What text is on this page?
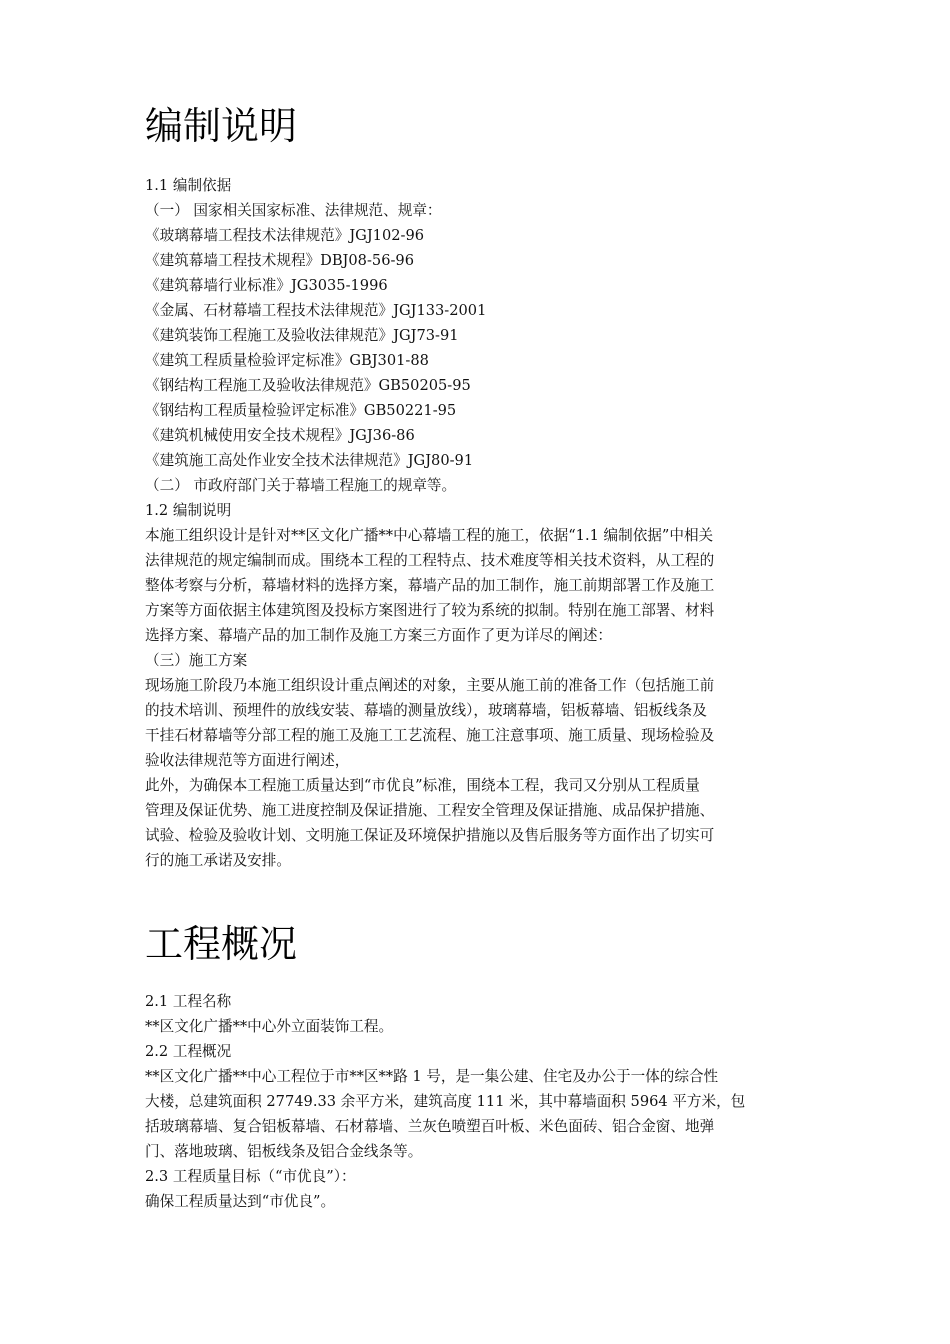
编制说明

1.1 编制依据

（一） 国家相关国家标准、法律规范、规章：

《玻璃幕墙工程技术法律规范》JGJ102-96

《建筑幕墙工程技术规程》DBJ08-56-96

《建筑幕墙行业标准》JG3035-1996

《金属、石材幕墙工程技术法律规范》JGJ133-2001

《建筑装饰工程施工及验收法律规范》JGJ73-91

《建筑工程质量检验评定标准》GBJ301-88

《钢结构工程施工及验收法律规范》GB50205-95

《钢结构工程质量检验评定标准》GB50221-95

《建筑机械使用安全技术规程》JGJ36-86

《建筑施工高处作业安全技术法律规范》JGJ80-91

（二） 市政府部门关于幕墙工程施工的规章等。

1.2 编制说明

本施工组织设计是针对**区文化广播**中心幕墙工程的施工，依据“1.1 编制依据”中相关

法律规范的规定编制而成。围绕本工程的工程特点、技术难度等相关技术资料，从工程的

整体考察与分析，幕墙材料的选择方案，幕墙产品的加工制作，施工前期部署工作及施工

方案等方面依据主体建筑图及投标方案图进行了较为系统的拟制。特别在施工部署、材料

选择方案、幕墙产品的加工制作及施工方案三方面作了更为详尽的阐述：

（三）施工方案

现场施工阶段乃本施工组织设计重点阐述的对象，主要从施工前的准备工作（包括施工前

的技术培训、预埋件的放线安装、幕墙的测量放线），玻璃幕墙，铝板幕墙、铝板线条及

干挂石材幕墙等分部工程的施工及施工工艺流程、施工注意事项、施工质量、现场检验及

验收法律规范等方面进行阐述，

此外，为确保本工程施工质量达到“市优良”标准，围绕本工程，我司又分别从工程质量

管理及保证优势、施工进度控制及保证措施、工程安全管理及保证措施、成品保护措施、

试验、检验及验收计划、文明施工保证及环境保护措施以及售后服务等方面作出了切实可

行的施工承诺及安排。

工程概况

2.1 工程名称

**区文化广播**中心外立面装饰工程。

2.2 工程概况

**区文化广播**中心工程位于市**区**路 1 号，是一集公建、住宅及办公于一体的综合性

大楼，总建筑面积 27749.33 余平方米，建筑高度 111 米，其中幕墙面积 5964 平方米，包

括玻璃幕墙、复合铝板幕墙、石材幕墙、兰灰色喷塑百叶板、米色面砖、铝合金窗、地弹

门、落地玻璃、铝板线条及铝合金线条等。

2.3 工程质量目标（“市优良”）：

确保工程质量达到“市优良”。
